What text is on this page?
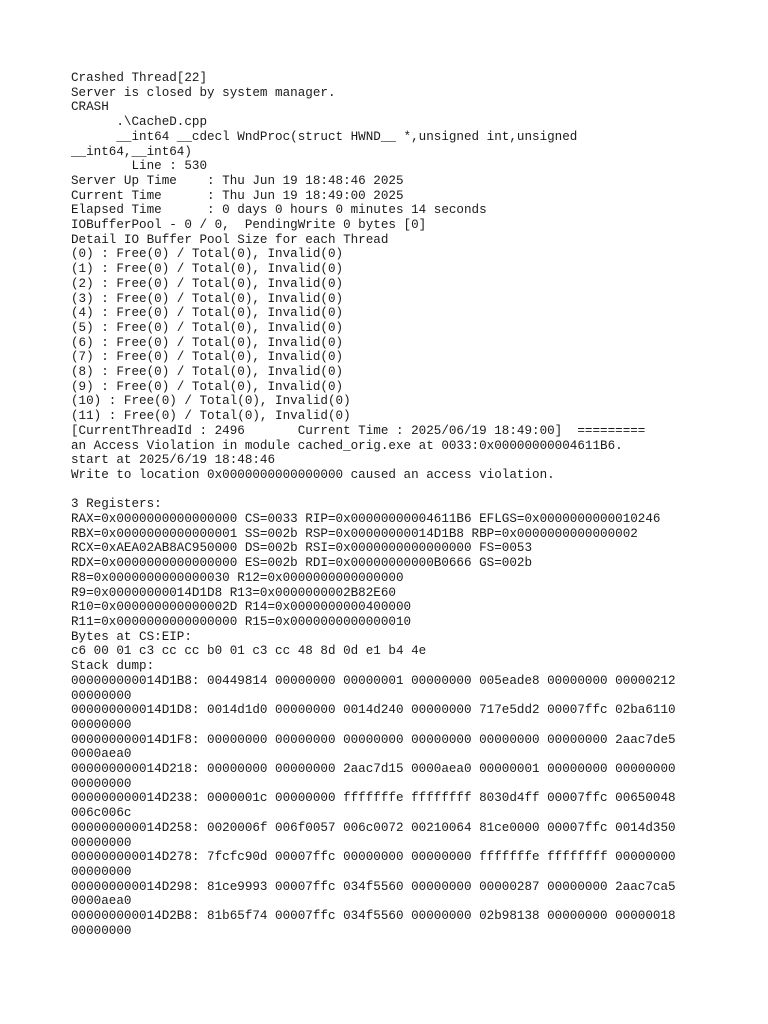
Crashed Thread[22]
Server is closed by system manager.
CRASH
.\CacheD.cpp
__int64 __cdecl WndProc(struct HWND__ *,unsigned int,unsigned
__int64,__int64)
Line : 530
Server Up Time    : Thu Jun 19 18:48:46 2025
Current Time      : Thu Jun 19 18:49:00 2025
Elapsed Time      : 0 days 0 hours 0 minutes 14 seconds
IOBufferPool - 0 / 0,  PendingWrite 0 bytes [0]
Detail IO Buffer Pool Size for each Thread
(0) : Free(0) / Total(0), Invalid(0)
(1) : Free(0) / Total(0), Invalid(0)
(2) : Free(0) / Total(0), Invalid(0)
(3) : Free(0) / Total(0), Invalid(0)
(4) : Free(0) / Total(0), Invalid(0)
(5) : Free(0) / Total(0), Invalid(0)
(6) : Free(0) / Total(0), Invalid(0)
(7) : Free(0) / Total(0), Invalid(0)
(8) : Free(0) / Total(0), Invalid(0)
(9) : Free(0) / Total(0), Invalid(0)
(10) : Free(0) / Total(0), Invalid(0)
(11) : Free(0) / Total(0), Invalid(0)
[CurrentThreadId : 2496       Current Time : 2025/06/19 18:49:00]  =========
an Access Violation in module cached_orig.exe at 0033:0x00000000004611B6.
start at 2025/6/19 18:48:46
Write to location 0x0000000000000000 caused an access violation.
3 Registers:
RAX=0x0000000000000000 CS=0033 RIP=0x00000000004611B6 EFLGS=0x0000000000010246
RBX=0x0000000000000001 SS=002b RSP=0x00000000014D1B8 RBP=0x0000000000000002
RCX=0xAEA02AB8AC950000 DS=002b RSI=0x0000000000000000 FS=0053
RDX=0x0000000000000000 ES=002b RDI=0x00000000000B0666 GS=002b
R8=0x0000000000000030 R12=0x0000000000000000
R9=0x00000000014D1D8 R13=0x0000000002B82E60
R10=0x000000000000002D R14=0x0000000000400000
R11=0x0000000000000000 R15=0x0000000000000010
Bytes at CS:EIP:
c6 00 01 c3 cc cc b0 01 c3 cc 48 8d 0d e1 b4 4e
Stack dump:
000000000014D1B8: 00449814 00000000 00000001 00000000 005eade8 00000000 00000212
00000000
000000000014D1D8: 0014d1d0 00000000 0014d240 00000000 717e5dd2 00007ffc 02ba6110
00000000
000000000014D1F8: 00000000 00000000 00000000 00000000 00000000 00000000 2aac7de5
0000aea0
000000000014D218: 00000000 00000000 2aac7d15 0000aea0 00000001 00000000 00000000
00000000
000000000014D238: 0000001c 00000000 fffffffe ffffffff 8030d4ff 00007ffc 00650048
006c006c
000000000014D258: 0020006f 006f0057 006c0072 00210064 81ce0000 00007ffc 0014d350
00000000
000000000014D278: 7fcfc90d 00007ffc 00000000 00000000 fffffffe ffffffff 00000000
00000000
000000000014D298: 81ce9993 00007ffc 034f5560 00000000 00000287 00000000 2aac7ca5
0000aea0
000000000014D2B8: 81b65f74 00007ffc 034f5560 00000000 02b98138 00000000 00000018
00000000
